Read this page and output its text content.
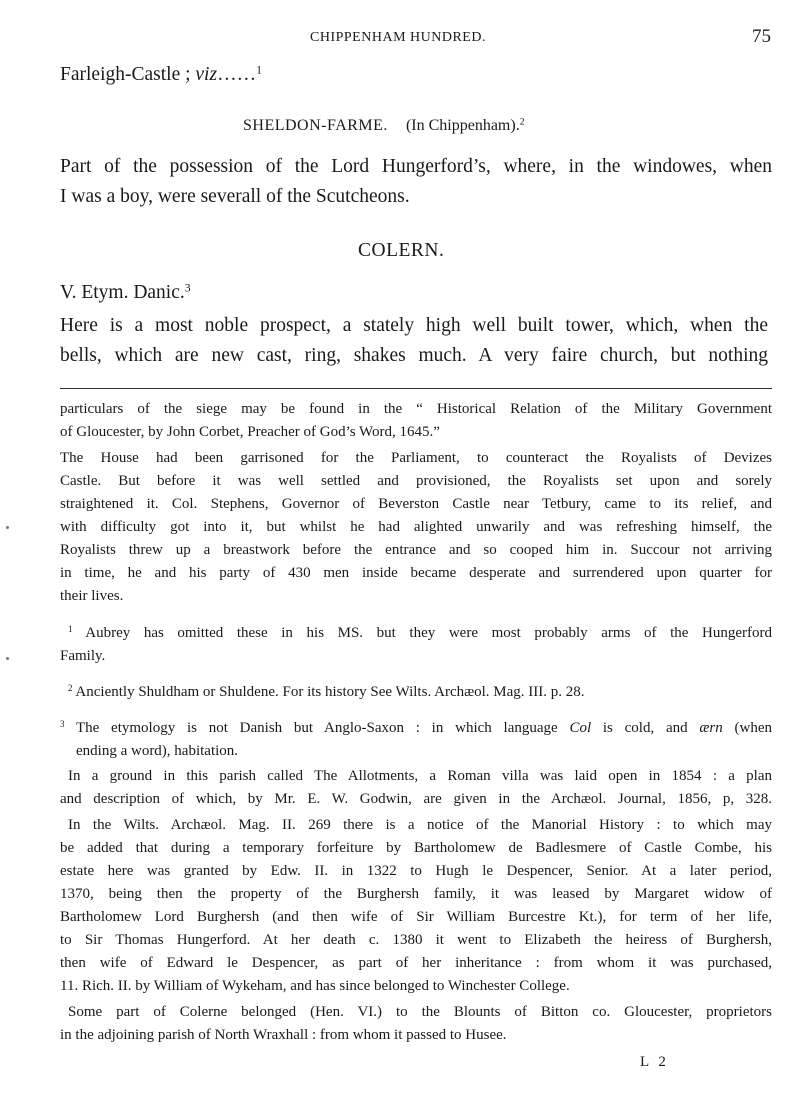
CHIPPENHAM HUNDRED.	75
Farleigh-Castle ; viz……$^1$
SHELDON-FARME. (In Chippenham).$^2$
Part of the possession of the Lord Hungerford’s, where, in the windowes, when
I was a boy, were severall of the Scutcheons.
COLERN.
V. Etym. Danic.$^3$
Here is a most noble prospect, a stately high well built tower, which, when the
bells, which are new cast, ring, shakes much. A very faire church, but nothing
particulars of the siege may be found in the “ Historical Relation of the Military Government
of Gloucester, by John Corbet, Preacher of God’s Word, 1645.”
The House had been garrisoned for the Parliament, to counteract the Royalists of Devizes
Castle. But before it was well settled and provisioned, the Royalists set upon and sorely
straightened it. Col. Stephens, Governor of Beverston Castle near Tetbury, came to its relief, and
with difficulty got into it, but whilst he had alighted unwarily and was refreshing himself, the
Royalists threw up a breastwork before the entrance and so cooped him in. Succour not arriving
in time, he and his party of 430 men inside became desperate and surrendered upon quarter for
their lives.
$^1$ Aubrey has omitted these in his MS. but they were most probably arms of the Hungerford
Family.
$^2$ Anciently Shuldham or Shuldene. For its history See Wilts. Archæol. Mag. III. p. 28.
$^3$ The etymology is not Danish but Anglo-Saxon : in which language Col is cold, and ærn (when
ending a word), habitation.
In a ground in this parish called The Allotments, a Roman villa was laid open in 1854 : a plan
and description of which, by Mr. E. W. Godwin, are given in the Archæol. Journal, 1856, p, 328.
In the Wilts. Archæol. Mag. II. 269 there is a notice of the Manorial History : to which may
be added that during a temporary forfeiture by Bartholomew de Badlesmere of Castle Combe, his
estate here was granted by Edw. II. in 1322 to Hugh le Despencer, Senior. At a later period,
1370, being then the property of the Burghersh family, it was leased by Margaret widow of
Bartholomew Lord Burghersh (and then wife of Sir William Burcestre Kt.), for term of her life,
to Sir Thomas Hungerford. At her death c. 1380 it went to Elizabeth the heiress of Burghersh,
then wife of Edward le Despencer, as part of her inheritance : from whom it was purchased,
11. Rich. II. by William of Wykeham, and has since belonged to Winchester College.
Some part of Colerne belonged (Hen. VI.) to the Blounts of Bitton co. Gloucester, proprietors
in the adjoining parish of North Wraxhall : from whom it passed to Husee.
L 2
